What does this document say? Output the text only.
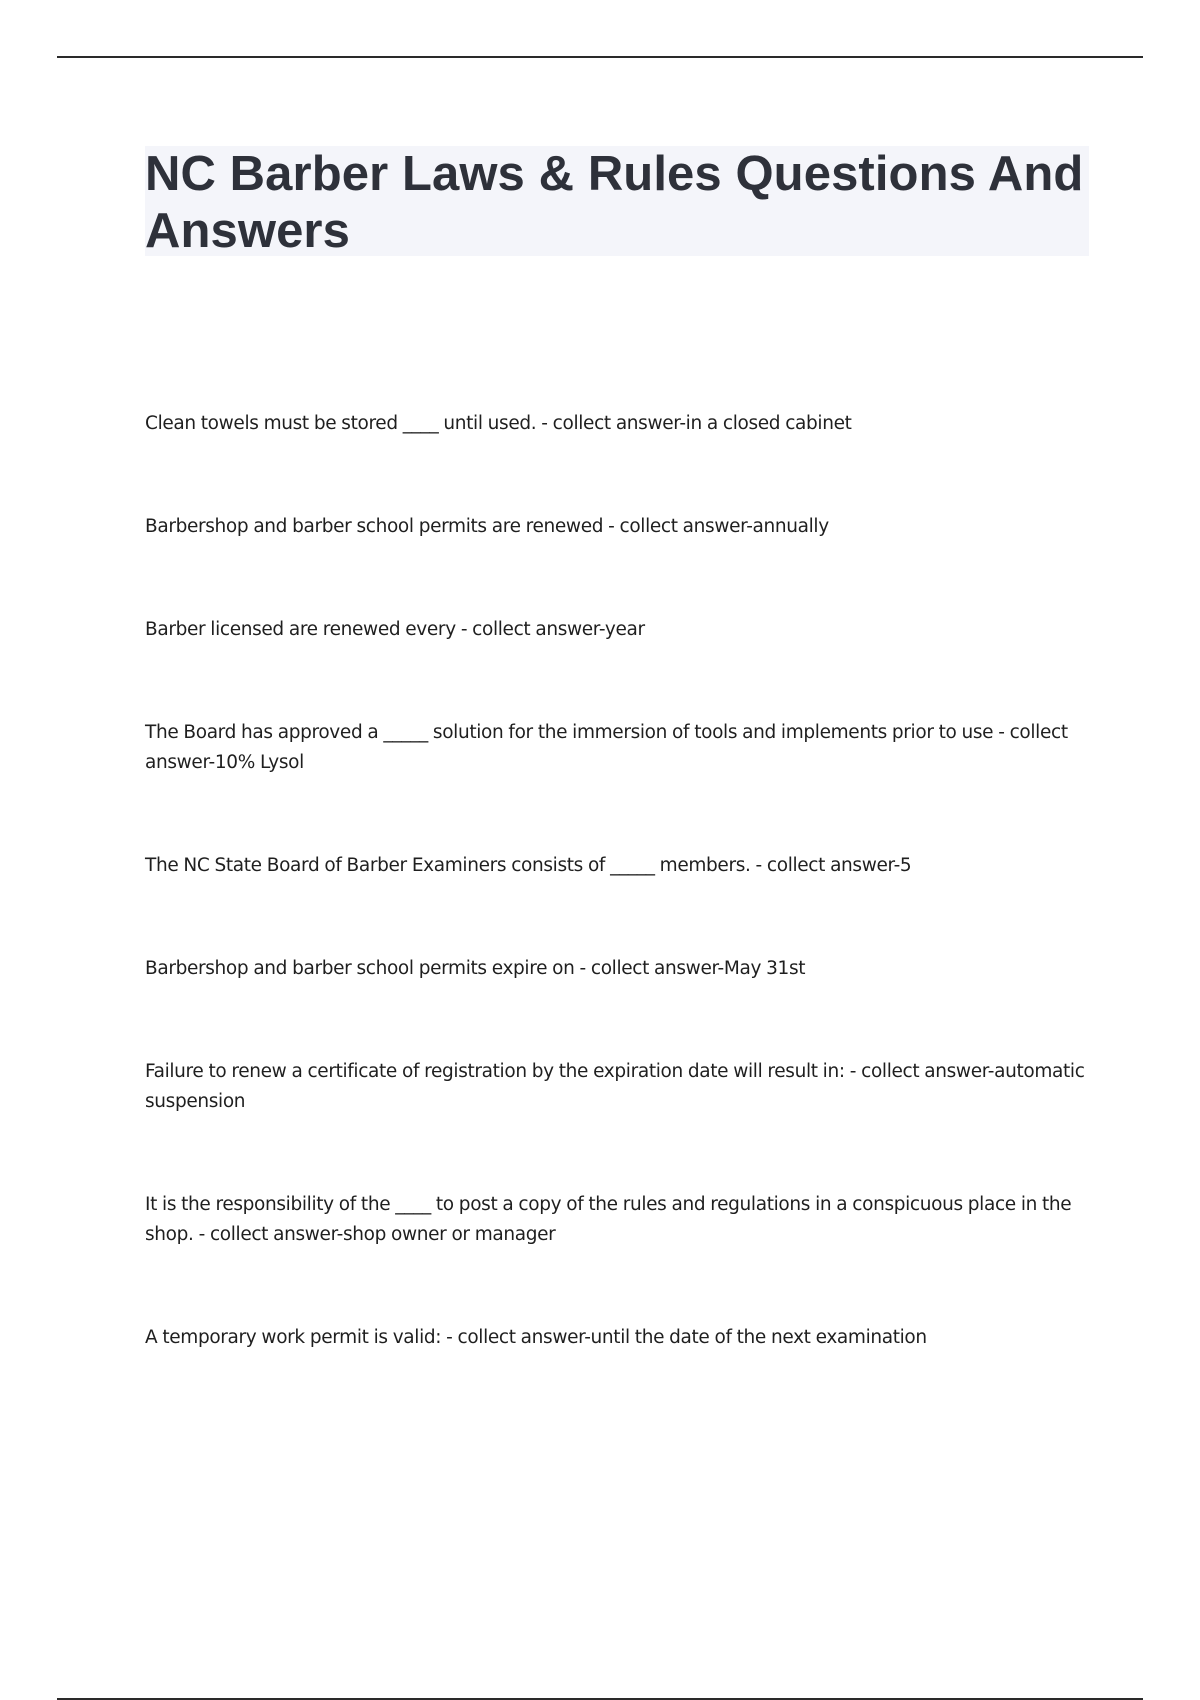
NC Barber Laws & Rules Questions And Answers

Clean towels must be stored ____ until used. - collect answer-in a closed cabinet

Barbershop and barber school permits are renewed - collect answer-annually

Barber licensed are renewed every - collect answer-year

The Board has approved a _____ solution for the immersion of tools and implements prior to use - collect answer-10% Lysol

The NC State Board of Barber Examiners consists of _____ members. - collect answer-5

Barbershop and barber school permits expire on - collect answer-May 31st

Failure to renew a certificate of registration by the expiration date will result in: - collect answer-automatic suspension

It is the responsibility of the ____ to post a copy of the rules and regulations in a conspicuous place in the shop. - collect answer-shop owner or manager

A temporary work permit is valid: - collect answer-until the date of the next examination
